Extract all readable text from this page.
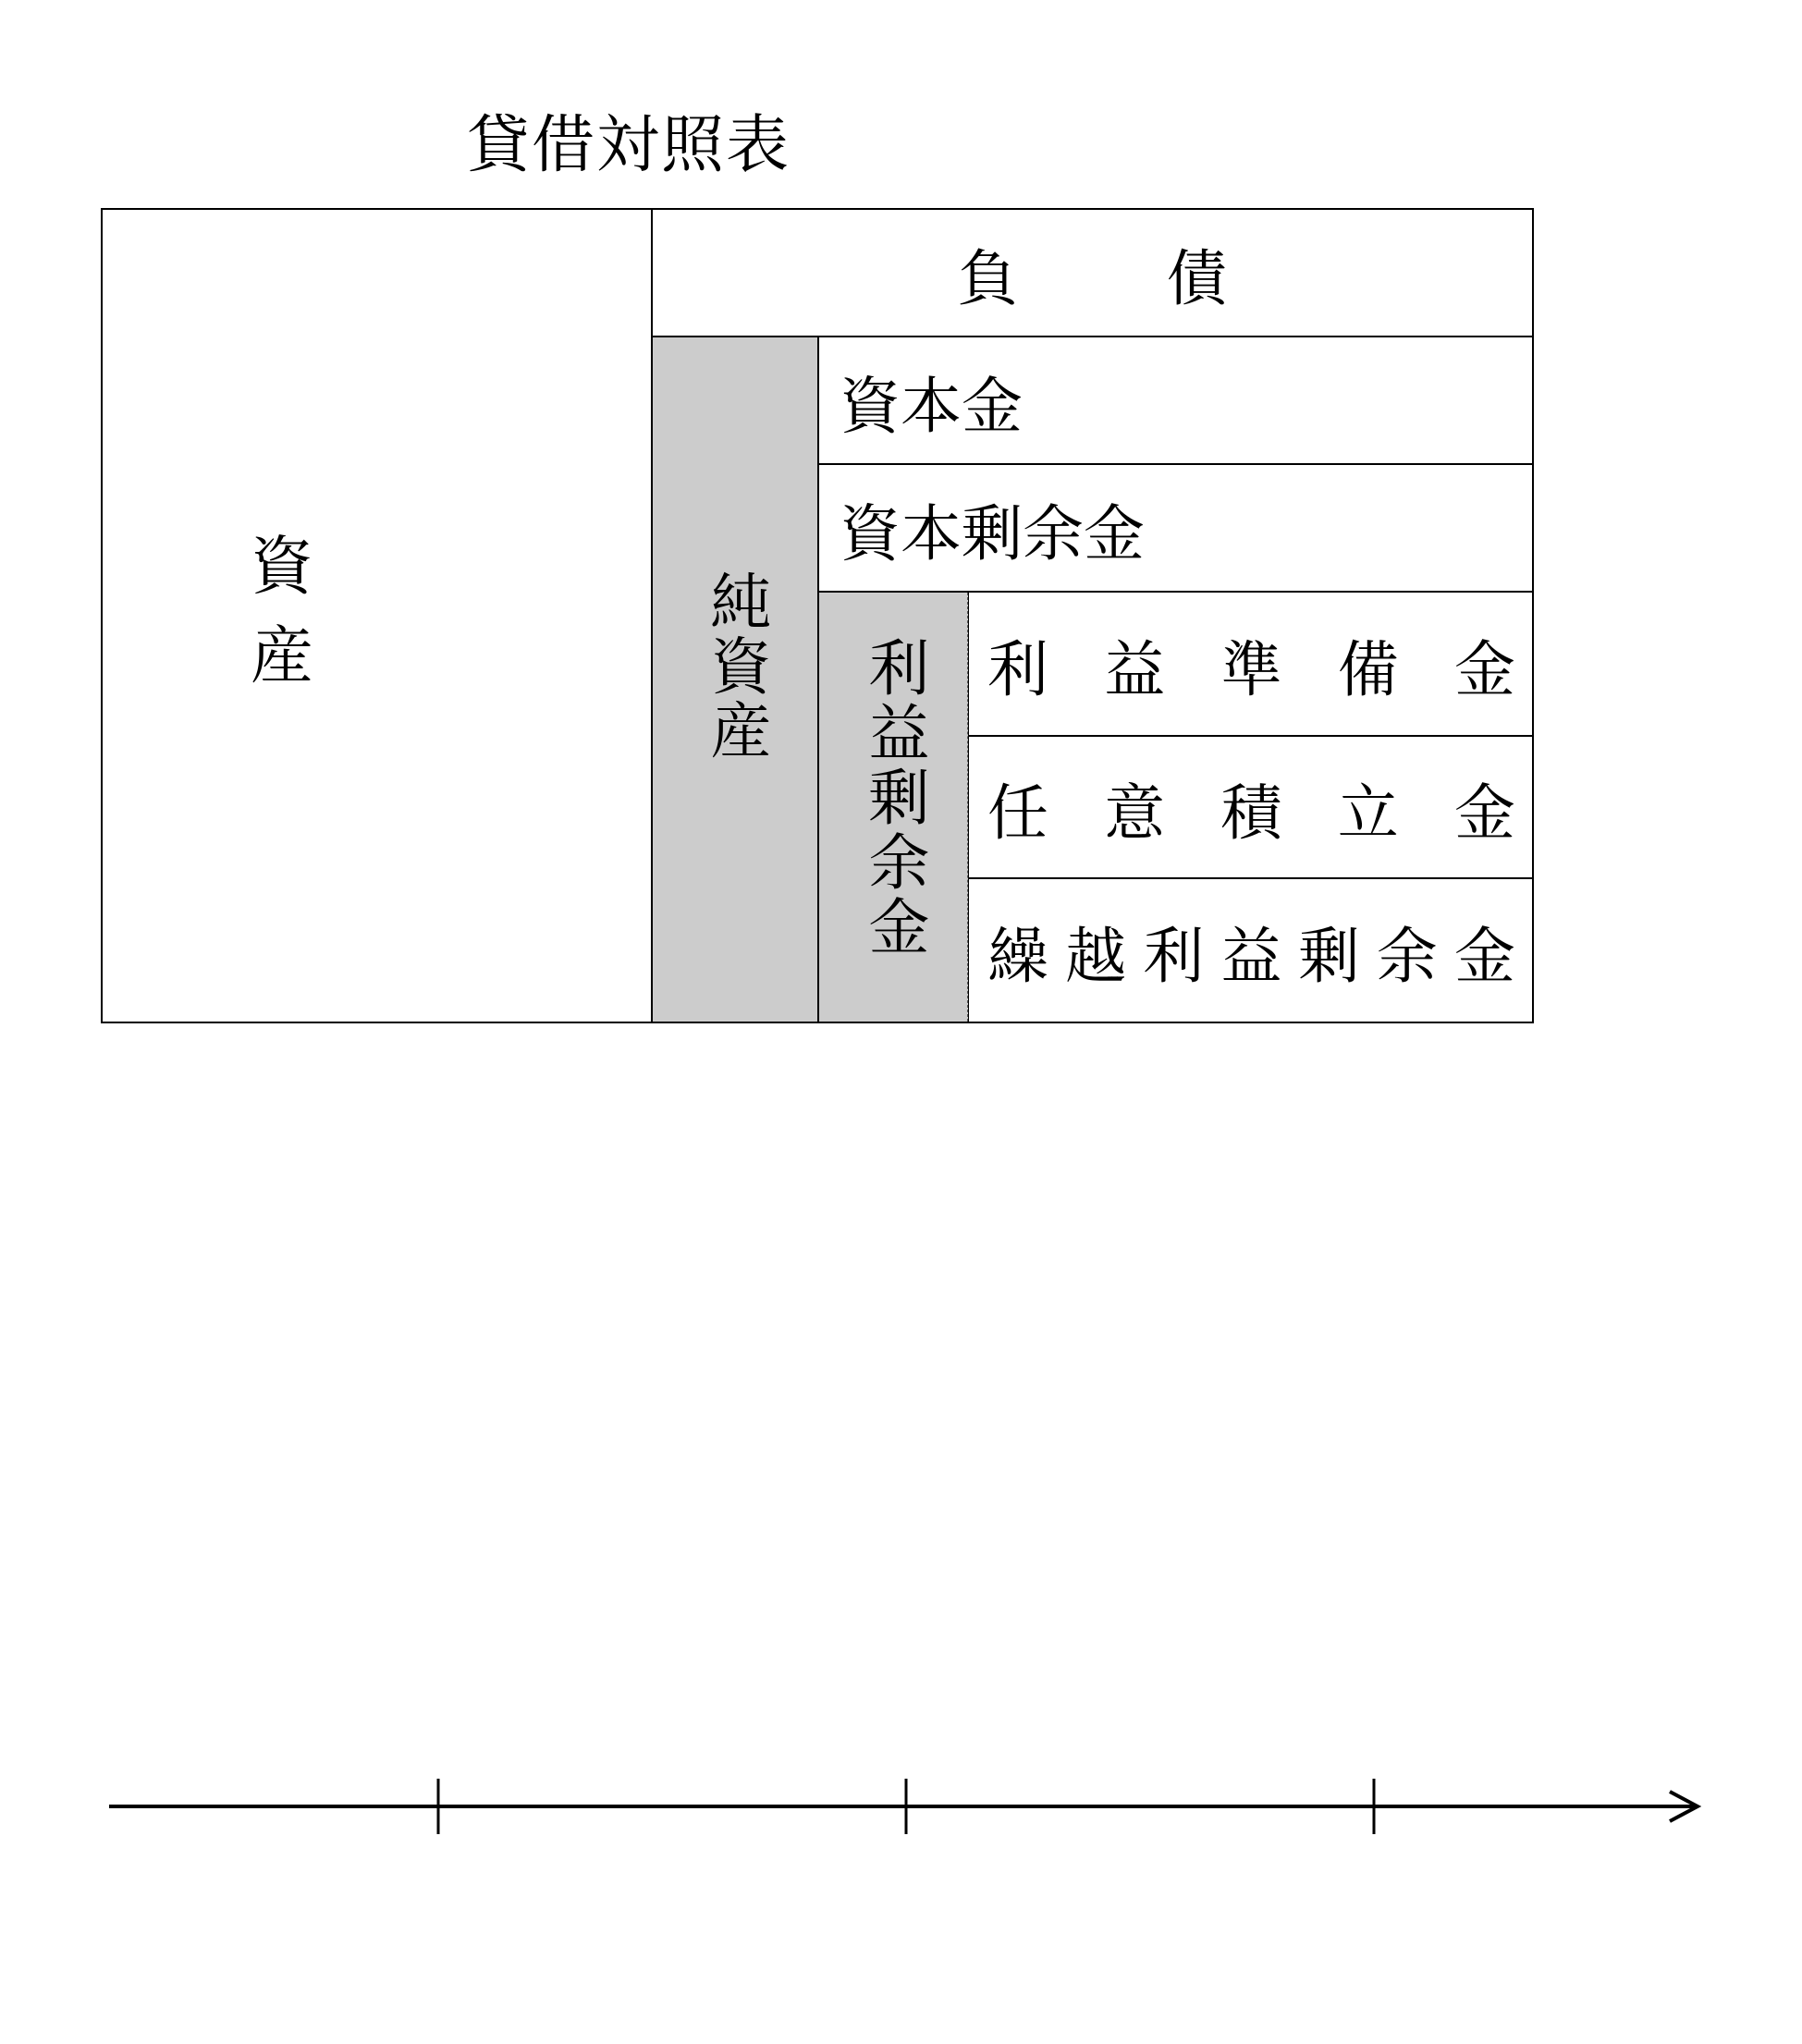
貸借対照表
資産
負債
純資産
資本金
資本剰余金
利益剰余金 利 益 準 備 金
任 意 積 立 金
繰 越 利 益 剰 余 金
